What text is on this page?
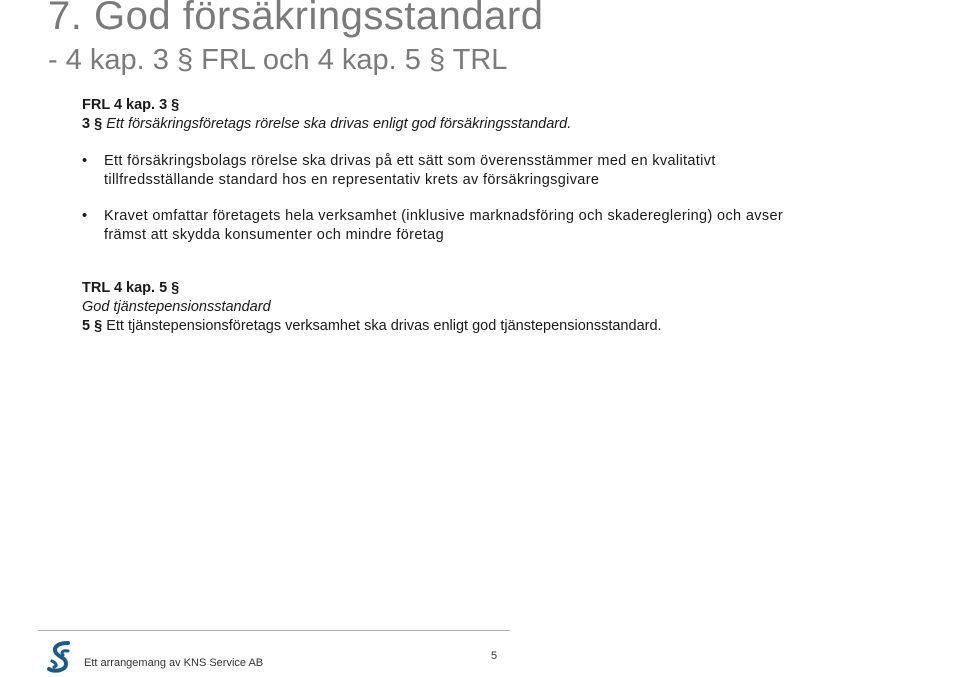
7. God försäkringsstandard
- 4 kap. 3 § FRL och 4 kap. 5 § TRL
FRL 4 kap. 3 §
3 § Ett försäkringsföretags rörelse ska drivas enligt god försäkringsstandard.
• Ett försäkringsbolags rörelse ska drivas på ett sätt som överensstämmer med en kvalitativt
tillfredsställande standard hos en representativ krets av försäkringsgivare
• Kravet omfattar företagets hela verksamhet (inklusive marknadsföring och skadereglering) och avser
främst att skydda konsumenter och mindre företag
TRL 4 kap. 5 §
God tjänstepensionsstandard
5 § Ett tjänstepensionsföretags verksamhet ska drivas enligt god tjänstepensionsstandard.
Ett arrangemang av KNS Service AB
5
